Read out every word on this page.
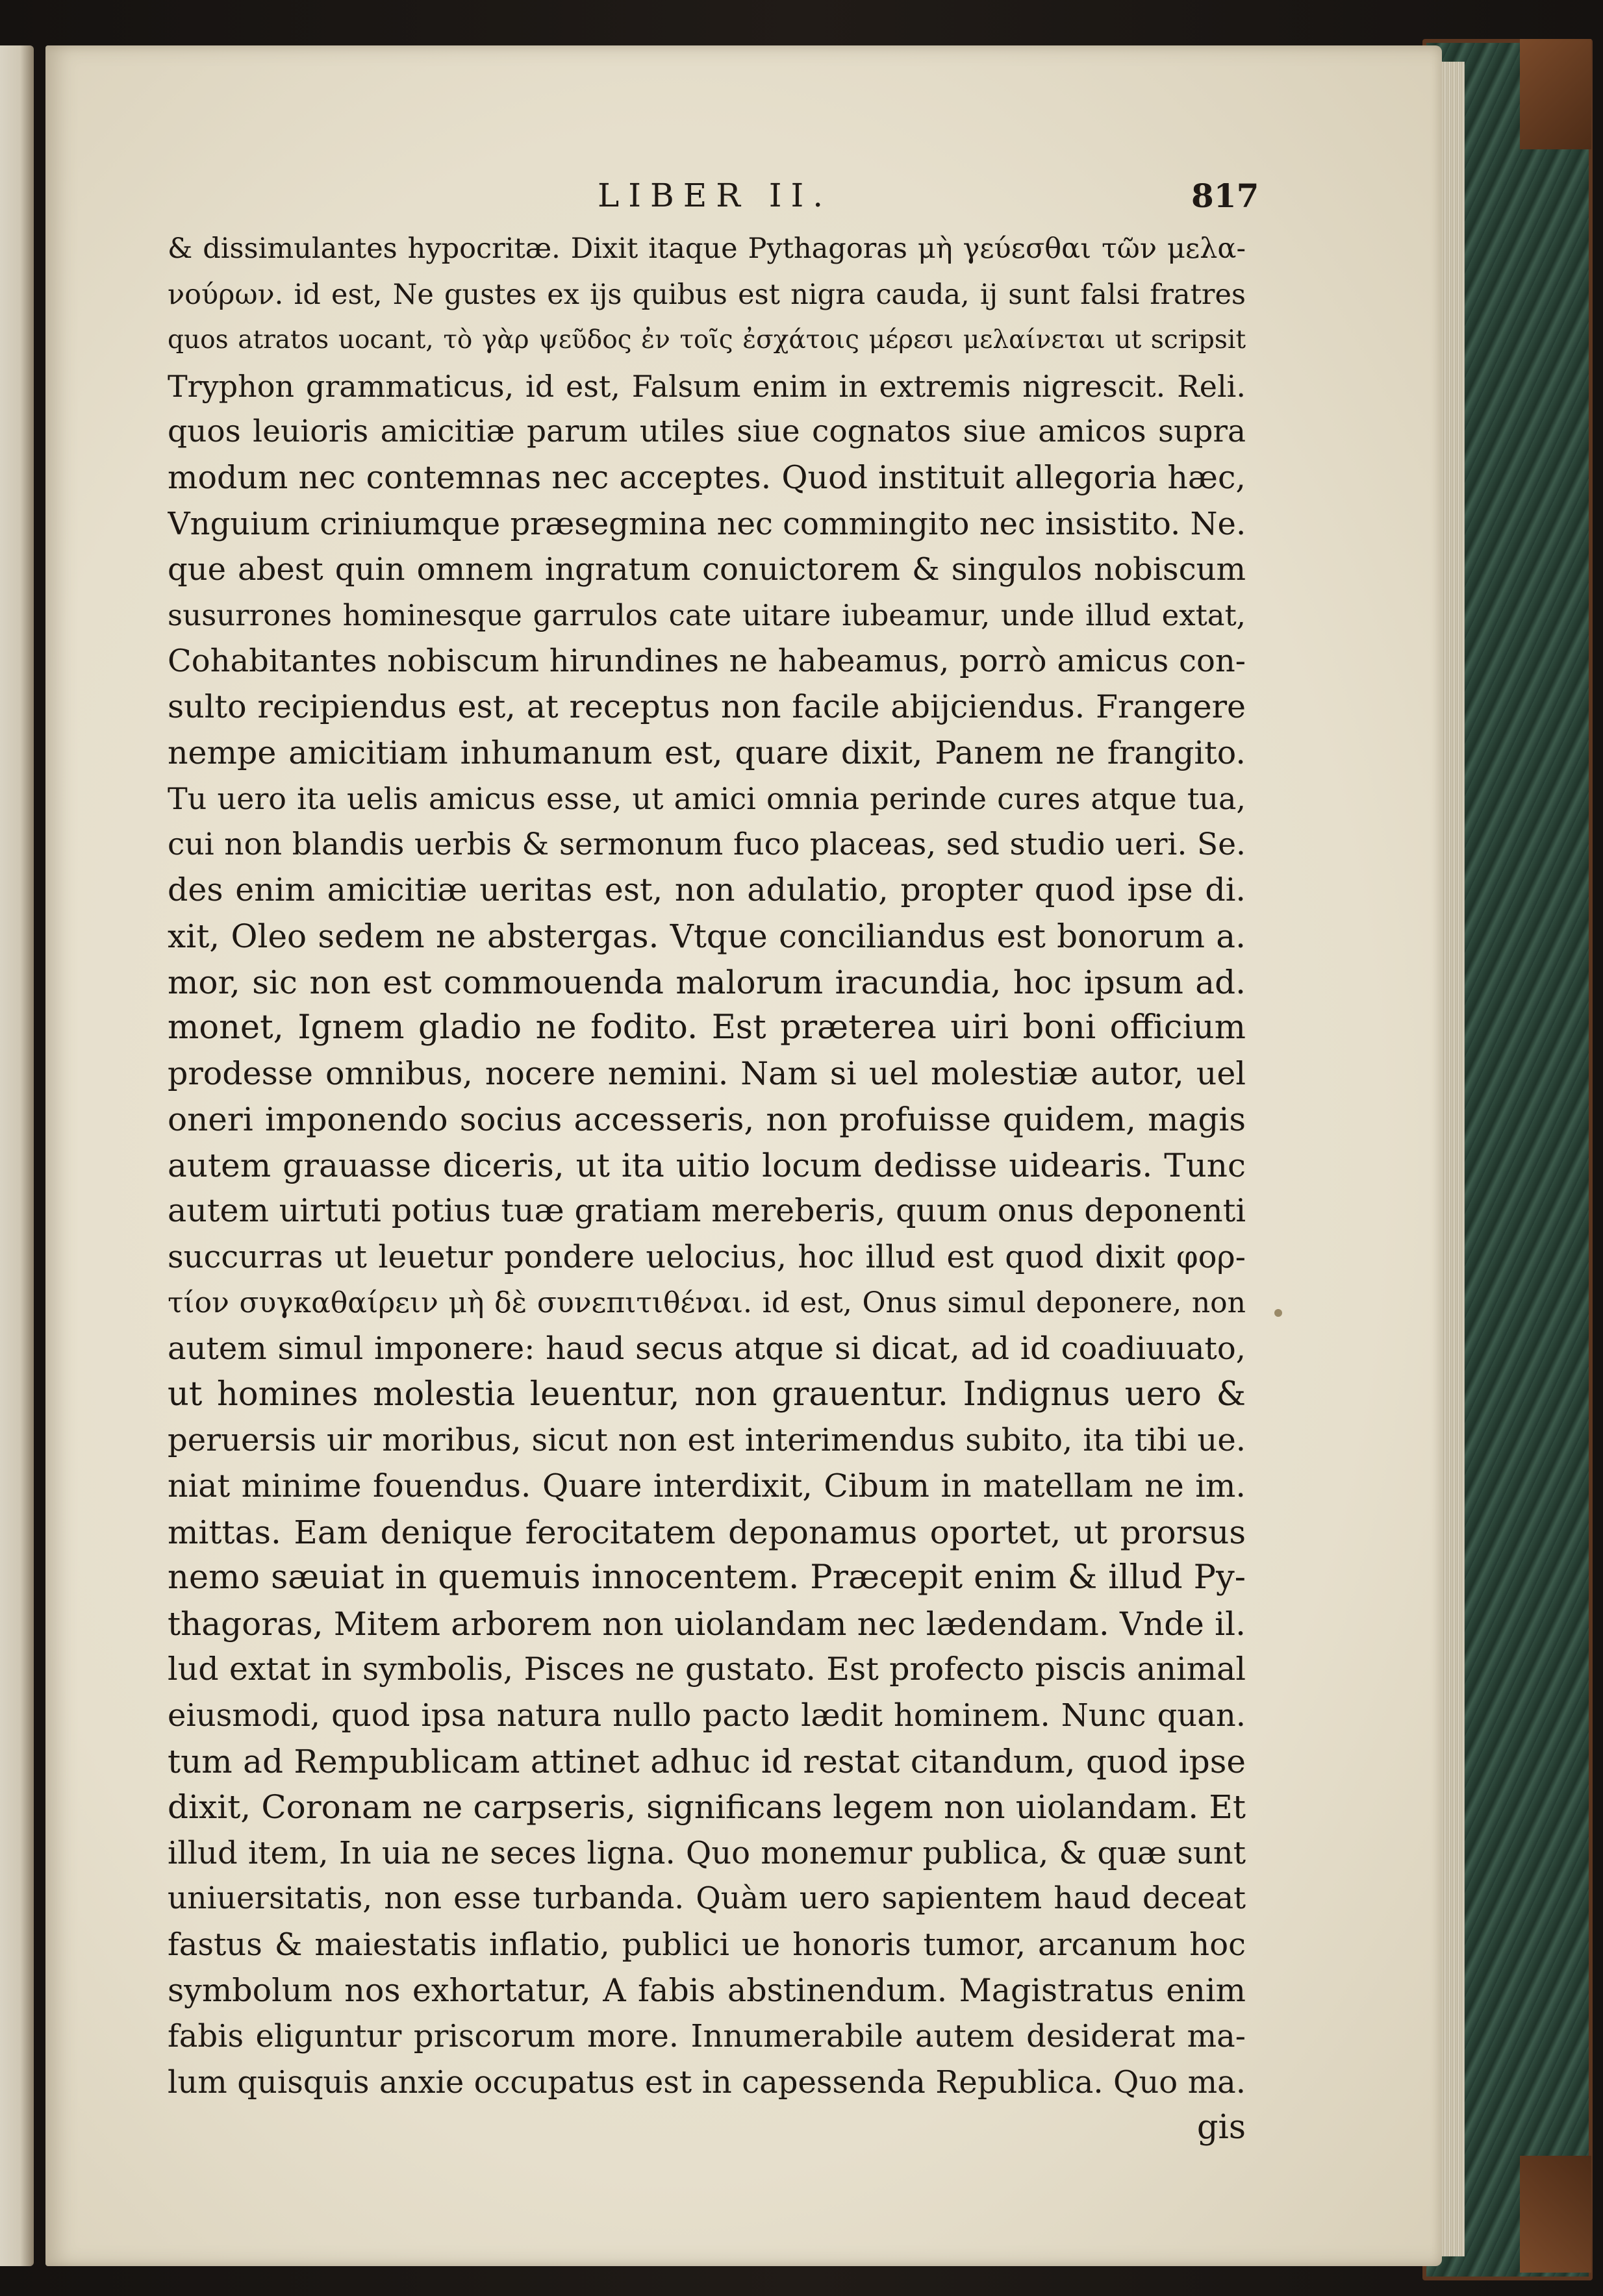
LIBER II.	817
& dissimulantes hypocritæ. Dixit itaque Pythagoras μὴ γεύεσθαι τῶν μελα-
νούρων. id est, Ne gustes ex ijs quibus est nigra cauda, ij sunt falsi fratres
quos atratos uocant, τὸ γὰρ ψεῦδος ἐν τοῖς ἐσχάτοις μέρεσι μελαίνεται ut scripsit
Tryphon grammaticus, id est, Falsum enim in extremis nigrescit. Reli.
quos leuioris amicitiæ parum utiles siue cognatos siue amicos supra
modum nec contemnas nec acceptes. Quod instituit allegoria hæc,
Vnguium criniumque præsegmina nec commingito nec insistito. Ne.
que abest quin omnem ingratum conuictorem & singulos nobiscum
susurrones hominesque garrulos cate uitare iubeamur, unde illud extat,
Cohabitantes nobiscum hirundines ne habeamus, porrò amicus con-
sulto recipiendus est, at receptus non facile abijciendus. Frangere
nempe amicitiam inhumanum est, quare dixit, Panem ne frangito.
Tu uero ita uelis amicus esse, ut amici omnia perinde cures atque tua,
cui non blandis uerbis & sermonum fuco placeas, sed studio ueri. Se.
des enim amicitiæ ueritas est, non adulatio, propter quod ipse di.
xit, Oleo sedem ne abstergas. Vtque conciliandus est bonorum a.
mor, sic non est commouenda malorum iracundia, hoc ipsum ad.
monet, Ignem gladio ne fodito. Est præterea uiri boni officium
prodesse omnibus, nocere nemini. Nam si uel molestiæ autor, uel
oneri imponendo socius accesseris, non profuisse quidem, magis
autem grauasse diceris, ut ita uitio locum dedisse uidearis. Tunc
autem uirtuti potius tuæ gratiam mereberis, quum onus deponenti
succurras ut leuetur pondere uelocius, hoc illud est quod dixit φορ-
τίον συγκαθαίρειν μὴ δὲ συνεπιτιθέναι. id est, Onus simul deponere, non
autem simul imponere: haud secus atque si dicat, ad id coadiuuato,
ut homines molestia leuentur, non grauentur. Indignus uero &
peruersis uir moribus, sicut non est interimendus subito, ita tibi ue.
niat minime fouendus. Quare interdixit, Cibum in matellam ne im.
mittas. Eam denique ferocitatem deponamus oportet, ut prorsus
nemo sæuiat in quemuis innocentem. Præcepit enim & illud Py-
thagoras, Mitem arborem non uiolandam nec lædendam. Vnde il.
lud extat in symbolis, Pisces ne gustato. Est profecto piscis animal
eiusmodi, quod ipsa natura nullo pacto lædit hominem. Nunc quan.
tum ad Rempublicam attinet adhuc id restat citandum, quod ipse
dixit, Coronam ne carpseris, significans legem non uiolandam. Et
illud item, In uia ne seces ligna. Quo monemur publica, & quæ sunt
uniuersitatis, non esse turbanda. Quàm uero sapientem haud deceat
fastus & maiestatis inflatio, publici ue honoris tumor, arcanum hoc
symbolum nos exhortatur, A fabis abstinendum. Magistratus enim
fabis eliguntur priscorum more. Innumerabile autem desiderat ma-
lum quisquis anxie occupatus est in capessenda Republica. Quo ma.
gis
